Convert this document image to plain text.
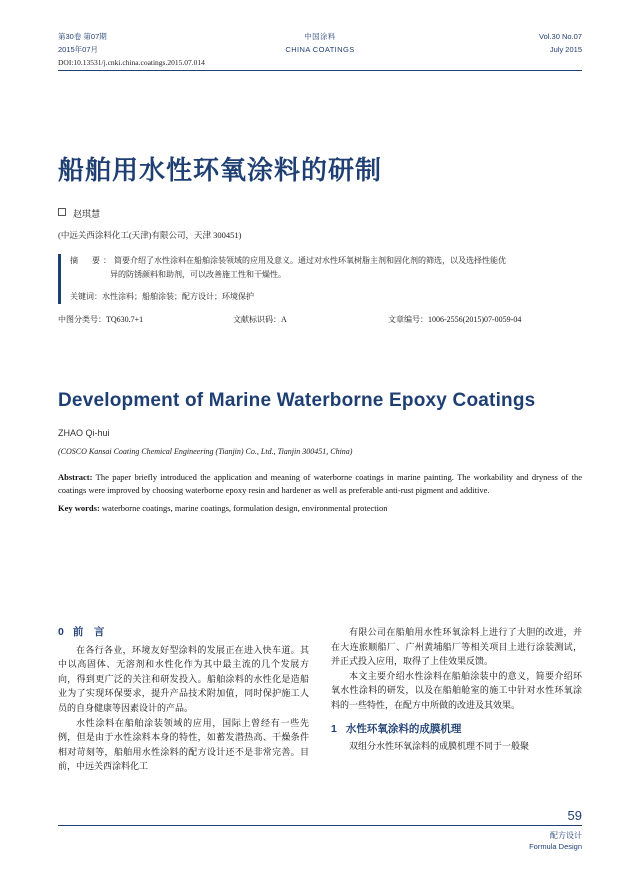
第30卷 第07期
2015年07月
中国涂料
CHINA COATINGS
Vol.30 No.07
July 2015
DOI:10.13531/j.cnki.china.coatings.2015.07.014
船舶用水性环氧涂料的研制
赵琪慧
(中远关西涂料化工(天津)有限公司，天津 300451)
摘　要：简要介绍了水性涂料在船舶涂装领域的应用及意义。通过对水性环氧树脂主剂和固化剂的筛选，以及选择性能优
异的防锈颜料和助剂，可以改善施工性和干燥性。
关键词：水性涂料；船舶涂装；配方设计；环境保护
中图分类号：TQ630.7+1	文献标识码：A	文章编号：1006-2556(2015)07-0059-04
Development of Marine Waterborne Epoxy Coatings
ZHAO Qi-hui
(COSCO Kansai Coating Chemical Engineering (Tianjin) Co., Ltd., Tianjin 300451, China)
Abstract: The paper briefly introduced the application and meaning of waterborne coatings in marine painting. The workability and dryness of the coatings were improved by choosing waterborne epoxy resin and hardener as well as preferable anti-rust pigment and additive.
Key words: waterborne coatings, marine coatings, formulation design, environmental protection
0 前　言

在各行各业，环境友好型涂料的发展正在进入快车道。其中以高固体、无溶剂和水性化作为其中最主流的几个发展方向，得到更广泛的关注和研发投入。船舶涂料的水性化是造船业为了实现环保要求，提升产品技术附加值，同时保护施工人员的自身健康等因素设计的产品。

水性涂料在船舶涂装领域的应用，国际上曾经有一些先例，但是由于水性涂料本身的特性，如蓄发潜热高、干燥条件相对苛刻等，船舶用水性涂料的配方设计还不是非常完善。目前，中远关西涂料化工

有限公司在船舶用水性环氧涂料上进行了大胆的改进，并在大连旅顺船厂、广州黄埔船厂等相关项目上进行涂装测试，并正式投入应用，取得了上佳效果反馈。

本文主要介绍水性涂料在船舶涂装中的意义，简要介绍环氧水性涂料的研发，以及在船舶舱室的施工中针对水性环氧涂料的一些特性，在配方中所做的改进及其效果。

1 水性环氧涂料的成膜机理

双组分水性环氧涂料的成膜机理不同于一般聚

59
配方设计
Formula Design
